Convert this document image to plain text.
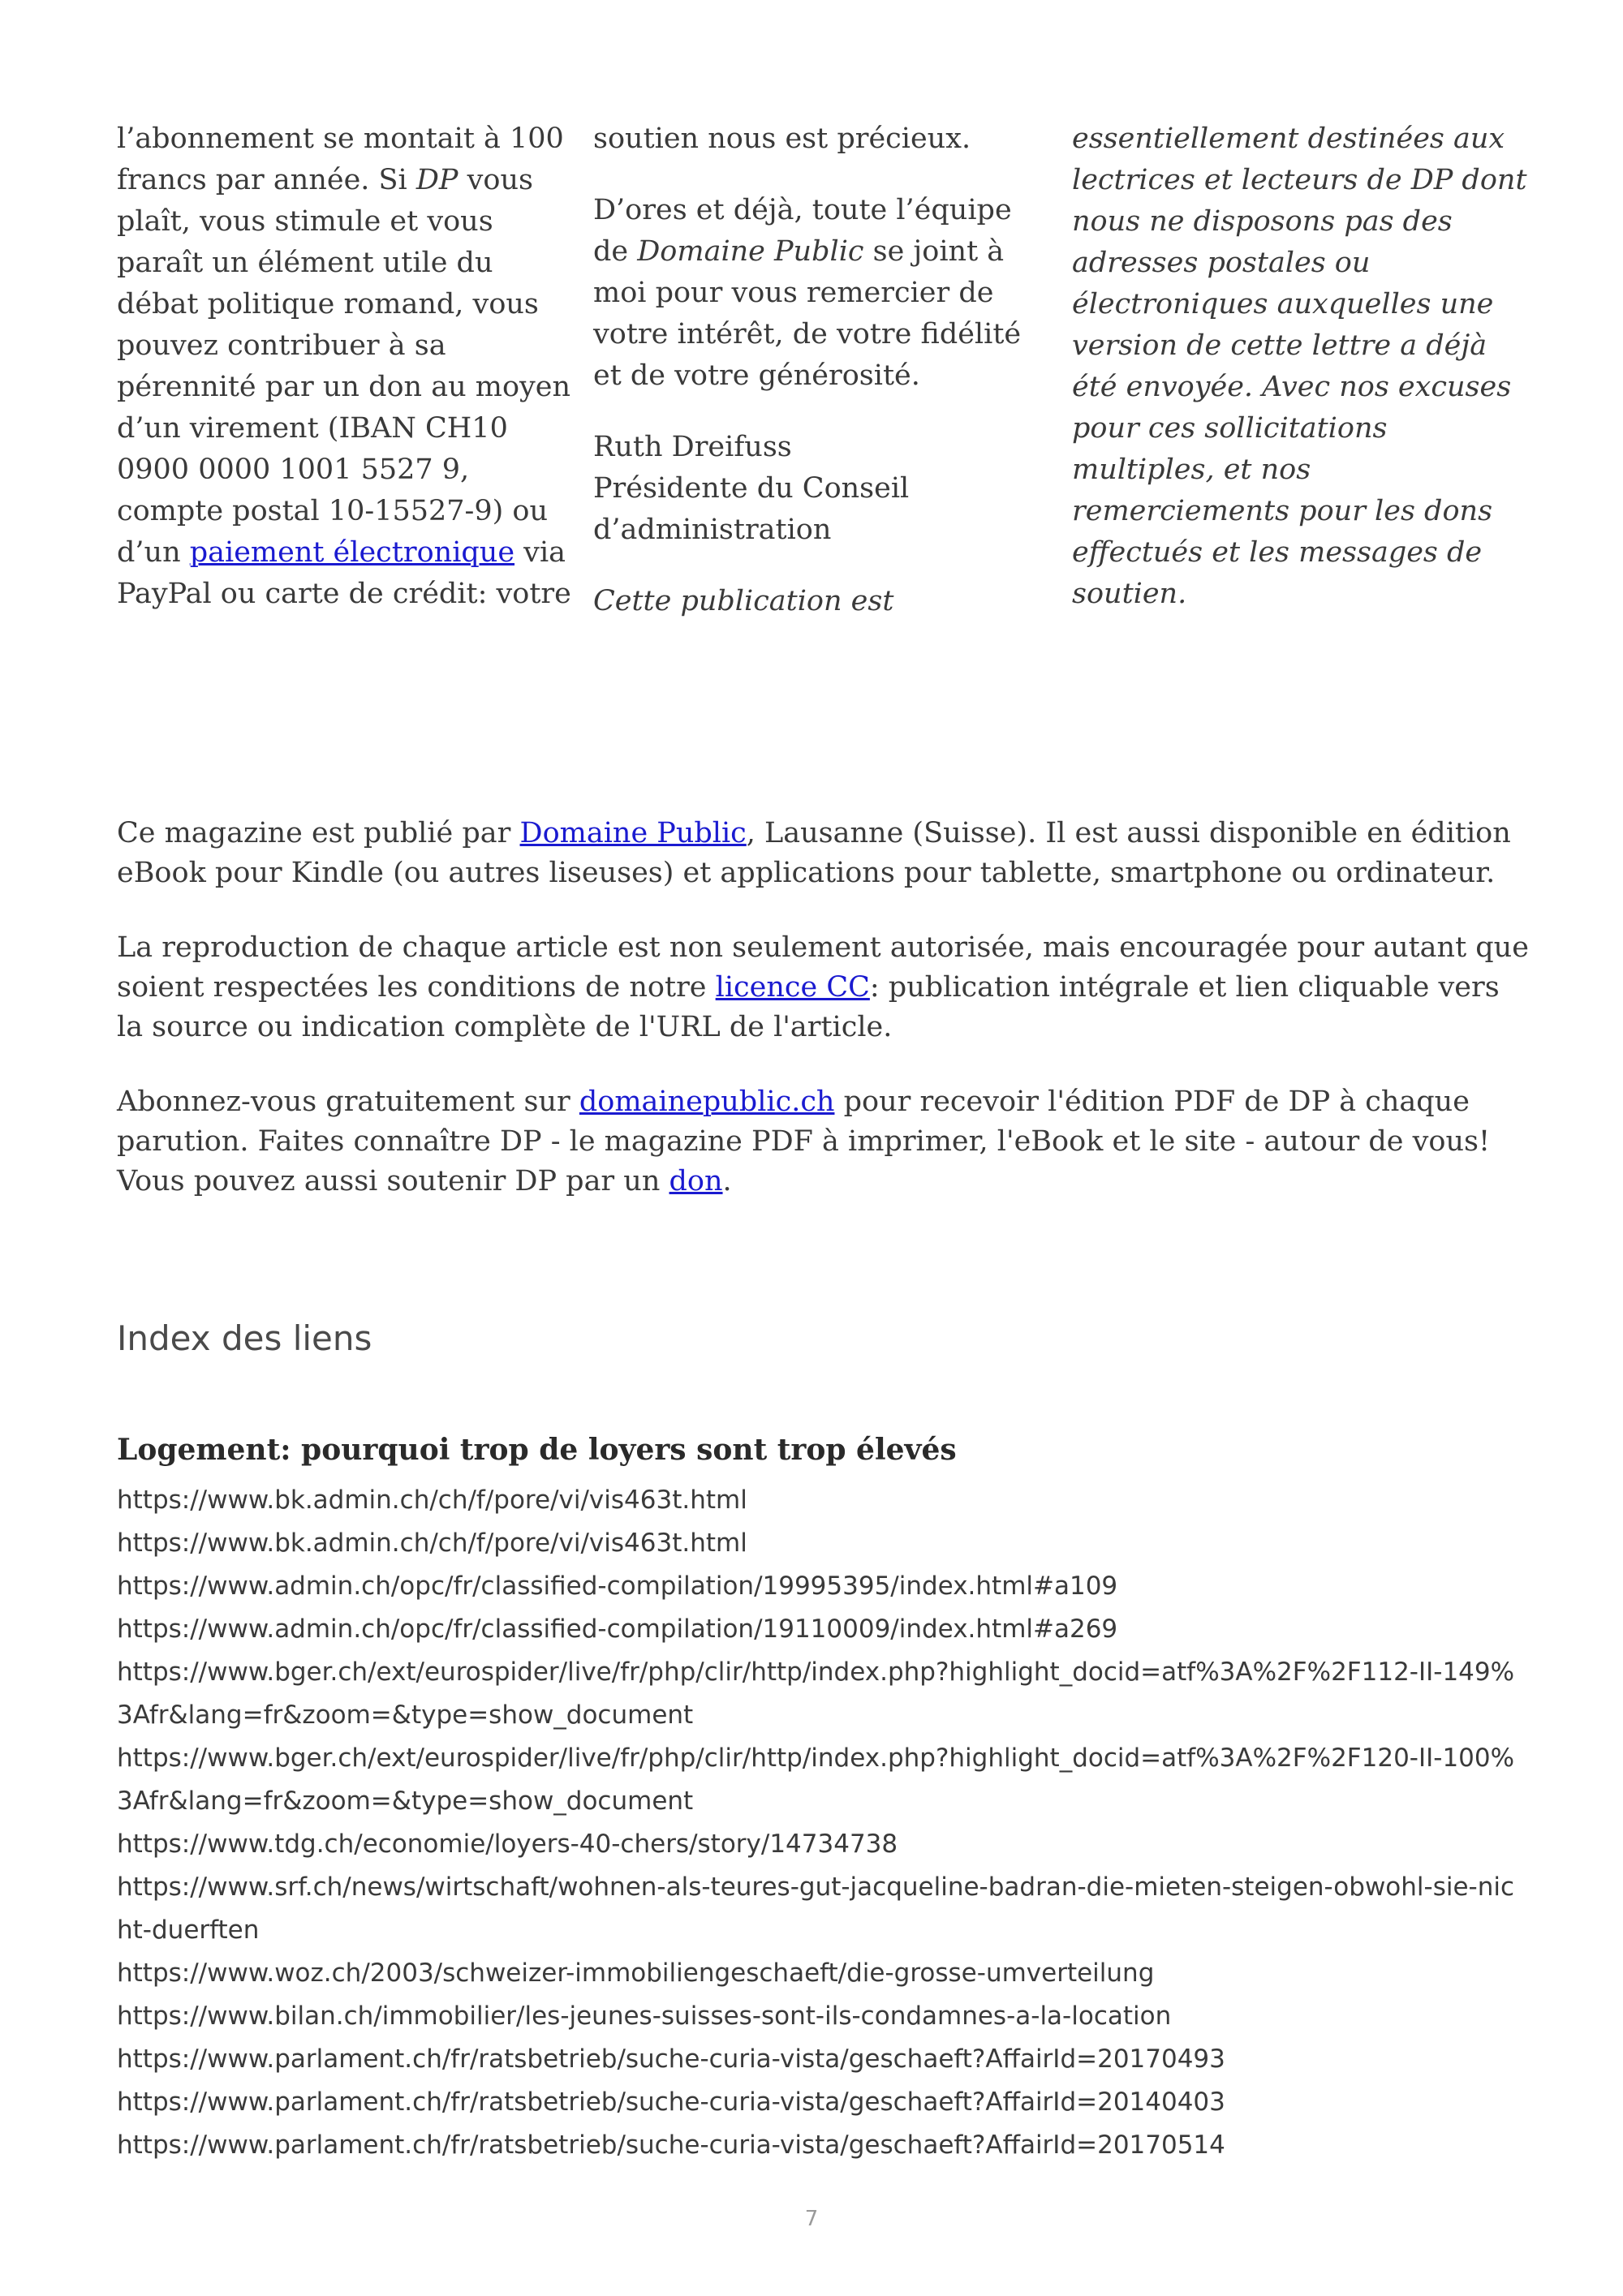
l’abonnement se montait à 100

francs par année. Si DP vous

plaît, vous stimule et vous

paraît un élément utile du

débat politique romand, vous

pouvez contribuer à sa

pérennité par un don au moyen

d’un virement (IBAN CH10

0900 0000 1001 5527 9,

compte postal 10-15527-9) ou

d’un paiement électronique via

PayPal ou carte de crédit: votre

soutien nous est précieux.

D’ores et déjà, toute l’équipe

de Domaine Public se joint à

moi pour vous remercier de

votre intérêt, de votre fidélité

et de votre générosité.

Ruth Dreifuss

Présidente du Conseil

d’administration

Cette publication est

essentiellement destinées aux

lectrices et lecteurs de DP dont

nous ne disposons pas des

adresses postales ou

électroniques auxquelles une

version de cette lettre a déjà

été envoyée. Avec nos excuses

pour ces sollicitations

multiples, et nos

remerciements pour les dons

effectués et les messages de

soutien.

Ce magazine est publié par Domaine Public, Lausanne (Suisse). Il est aussi disponible en édition eBook pour Kindle (ou autres liseuses) et applications pour tablette, smartphone ou ordinateur.

La reproduction de chaque article est non seulement autorisée, mais encouragée pour autant que soient respectées les conditions de notre licence CC: publication intégrale et lien cliquable vers la source ou indication complète de l'URL de l'article.

Abonnez-vous gratuitement sur domainepublic.ch pour recevoir l'édition PDF de DP à chaque parution. Faites connaître DP - le magazine PDF à imprimer, l'eBook et le site - autour de vous! Vous pouvez aussi soutenir DP par un don.

Index des liens
Logement: pourquoi trop de loyers sont trop élevés
https://www.bk.admin.ch/ch/f/pore/vi/vis463t.html
https://www.bk.admin.ch/ch/f/pore/vi/vis463t.html
https://www.admin.ch/opc/fr/classified-compilation/19995395/index.html#a109
https://www.admin.ch/opc/fr/classified-compilation/19110009/index.html#a269
https://www.bger.ch/ext/eurospider/live/fr/php/clir/http/index.php?highlight_docid=atf%3A%2F%2F112-II-149%3Afr&lang=fr&zoom=&type=show_document
https://www.bger.ch/ext/eurospider/live/fr/php/clir/http/index.php?highlight_docid=atf%3A%2F%2F120-II-100%3Afr&lang=fr&zoom=&type=show_document
https://www.tdg.ch/economie/loyers-40-chers/story/14734738
https://www.srf.ch/news/wirtschaft/wohnen-als-teures-gut-jacqueline-badran-die-mieten-steigen-obwohl-sie-nicht-duerften
https://www.woz.ch/2003/schweizer-immobiliengeschaeft/die-grosse-umverteilung
https://www.bilan.ch/immobilier/les-jeunes-suisses-sont-ils-condamnes-a-la-location
https://www.parlament.ch/fr/ratsbetrieb/suche-curia-vista/geschaeft?AffairId=20170493
https://www.parlament.ch/fr/ratsbetrieb/suche-curia-vista/geschaeft?AffairId=20140403
https://www.parlament.ch/fr/ratsbetrieb/suche-curia-vista/geschaeft?AffairId=20170514
7
